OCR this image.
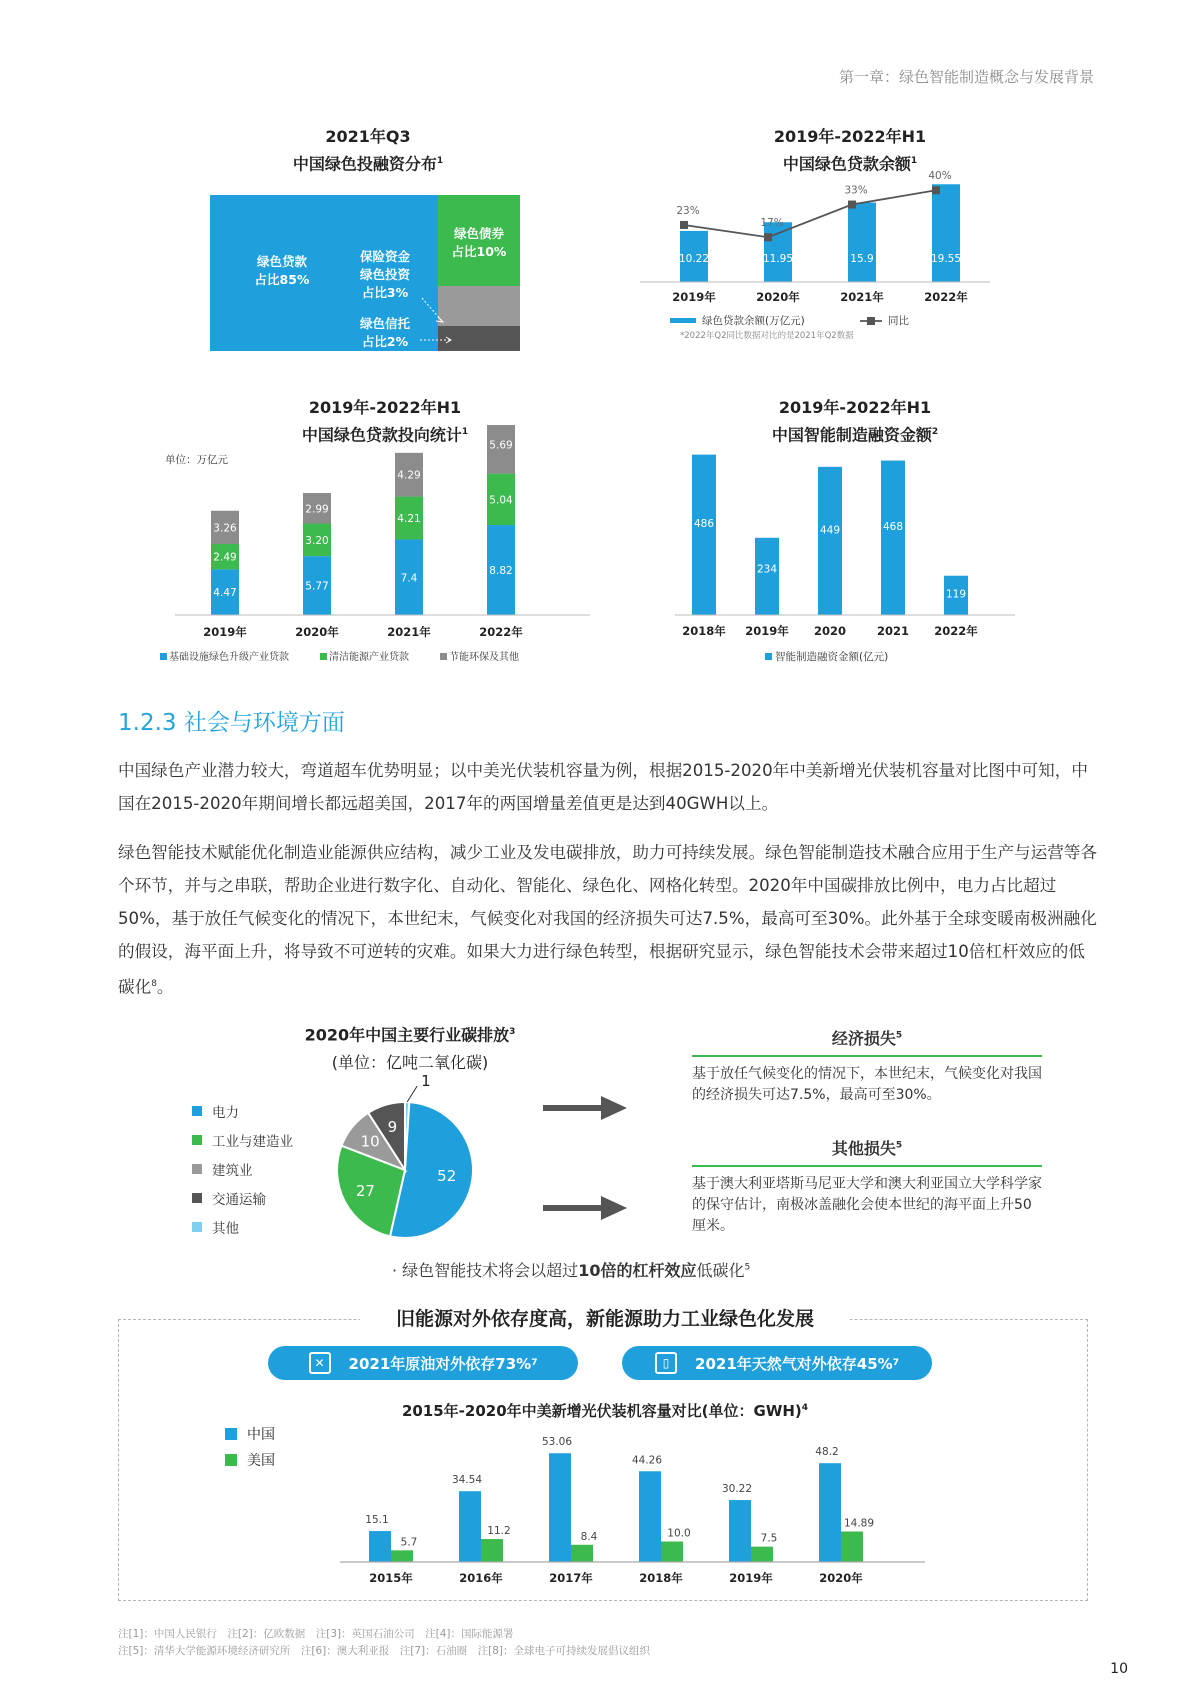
第一章：绿色智能制造概念与发展背景
2021年Q3
中国绿色投融资分布$^1$
绿色贷款
占比85%
绿色债券
占比10%
保险资金
绿色投资
占比3%
绿色信托
占比2%
2019年-2022年H1
中国绿色贷款余额$^1$
10.22
2019年
11.95
2020年
15.9
2021年
19.55
2022年
23%
17%
33%
40%
绿色贷款余额(万亿元)	同比
*2022年Q2同比数据对比的是2021年Q2数据
2019年-2022年H1
中国绿色贷款投向统计$^1$
单位：万亿元
4.47
2.49
3.26
2019年
5.77
3.20
2.99
2020年
7.4
4.21
4.29
2021年
8.82
5.04
5.69
2022年
基础设施绿色升级产业贷款	清洁能源产业贷款	节能环保及其他
2019年-2022年H1
中国智能制造融资金额$^2$
486
2018年
234
2019年
449
2020
468
2021
119
2022年
智能制造融资金额(亿元)
1.2.3 社会与环境方面
中国绿色产业潜力较大，弯道超车优势明显；以中美光伏装机容量为例，根据2015-2020年中美新增光伏装机容量对比图中可知，中国在2015-2020年期间增长都远超美国，2017年的两国增量差值更是达到40GWH以上。
绿色智能技术赋能优化制造业能源供应结构，减少工业及发电碳排放，助力可持续发展。绿色智能制造技术融合应用于生产与运营等各个环节，并与之串联，帮助企业进行数字化、自动化、智能化、绿色化、网格化转型。2020年中国碳排放比例中，电力占比超过50%，基于放任气候变化的情况下，本世纪末，气候变化对我国的经济损失可达7.5%，最高可至30%。此外基于全球变暖南极洲融化的假设，海平面上升，将导致不可逆转的灾难。如果大力进行绿色转型，根据研究显示，绿色智能技术会带来超过10倍杠杆效应的低碳化$^8$。
2020年中国主要行业碳排放$^3$
(单位：亿吨二氧化碳)
电力
工业与建造业
建筑业
交通运输
其他
1
52
27
10
9
经济损失$^5$
基于放任气候变化的情况下，本世纪末，气候变化对我国的经济损失可达7.5%，最高可至30%。
其他损失$^5$
基于澳大利亚塔斯马尼亚大学和澳大利亚国立大学科学家的保守估计，南极冰盖融化会使本世纪的海平面上升50厘米。
· 绿色智能技术将会以超过10倍的杠杆效应低碳化$^5$
旧能源对外依存度高，新能源助力工业绿色化发展
✕	2021年原油对外依存73% 7	▯	2021年天然气对外依存45% 7
2015年-2020年中美新增光伏装机容量对比(单位：GWH)$^4$
中国
美国
15.1
5.7
2015年
34.54
11.2
2016年
53.06
8.4
2017年
44.26
10.0
2018年
30.22
7.5
2019年
48.2
14.89
2020年
注[1]：中国人民银行　注[2]：亿欧数据　注[3]：英国石油公司　注[4]：国际能源署
注[5]：清华大学能源环境经济研究所　注[6]：澳大利亚报　注[7]：石油圈　注[8]：全球电子可持续发展倡议组织
10
